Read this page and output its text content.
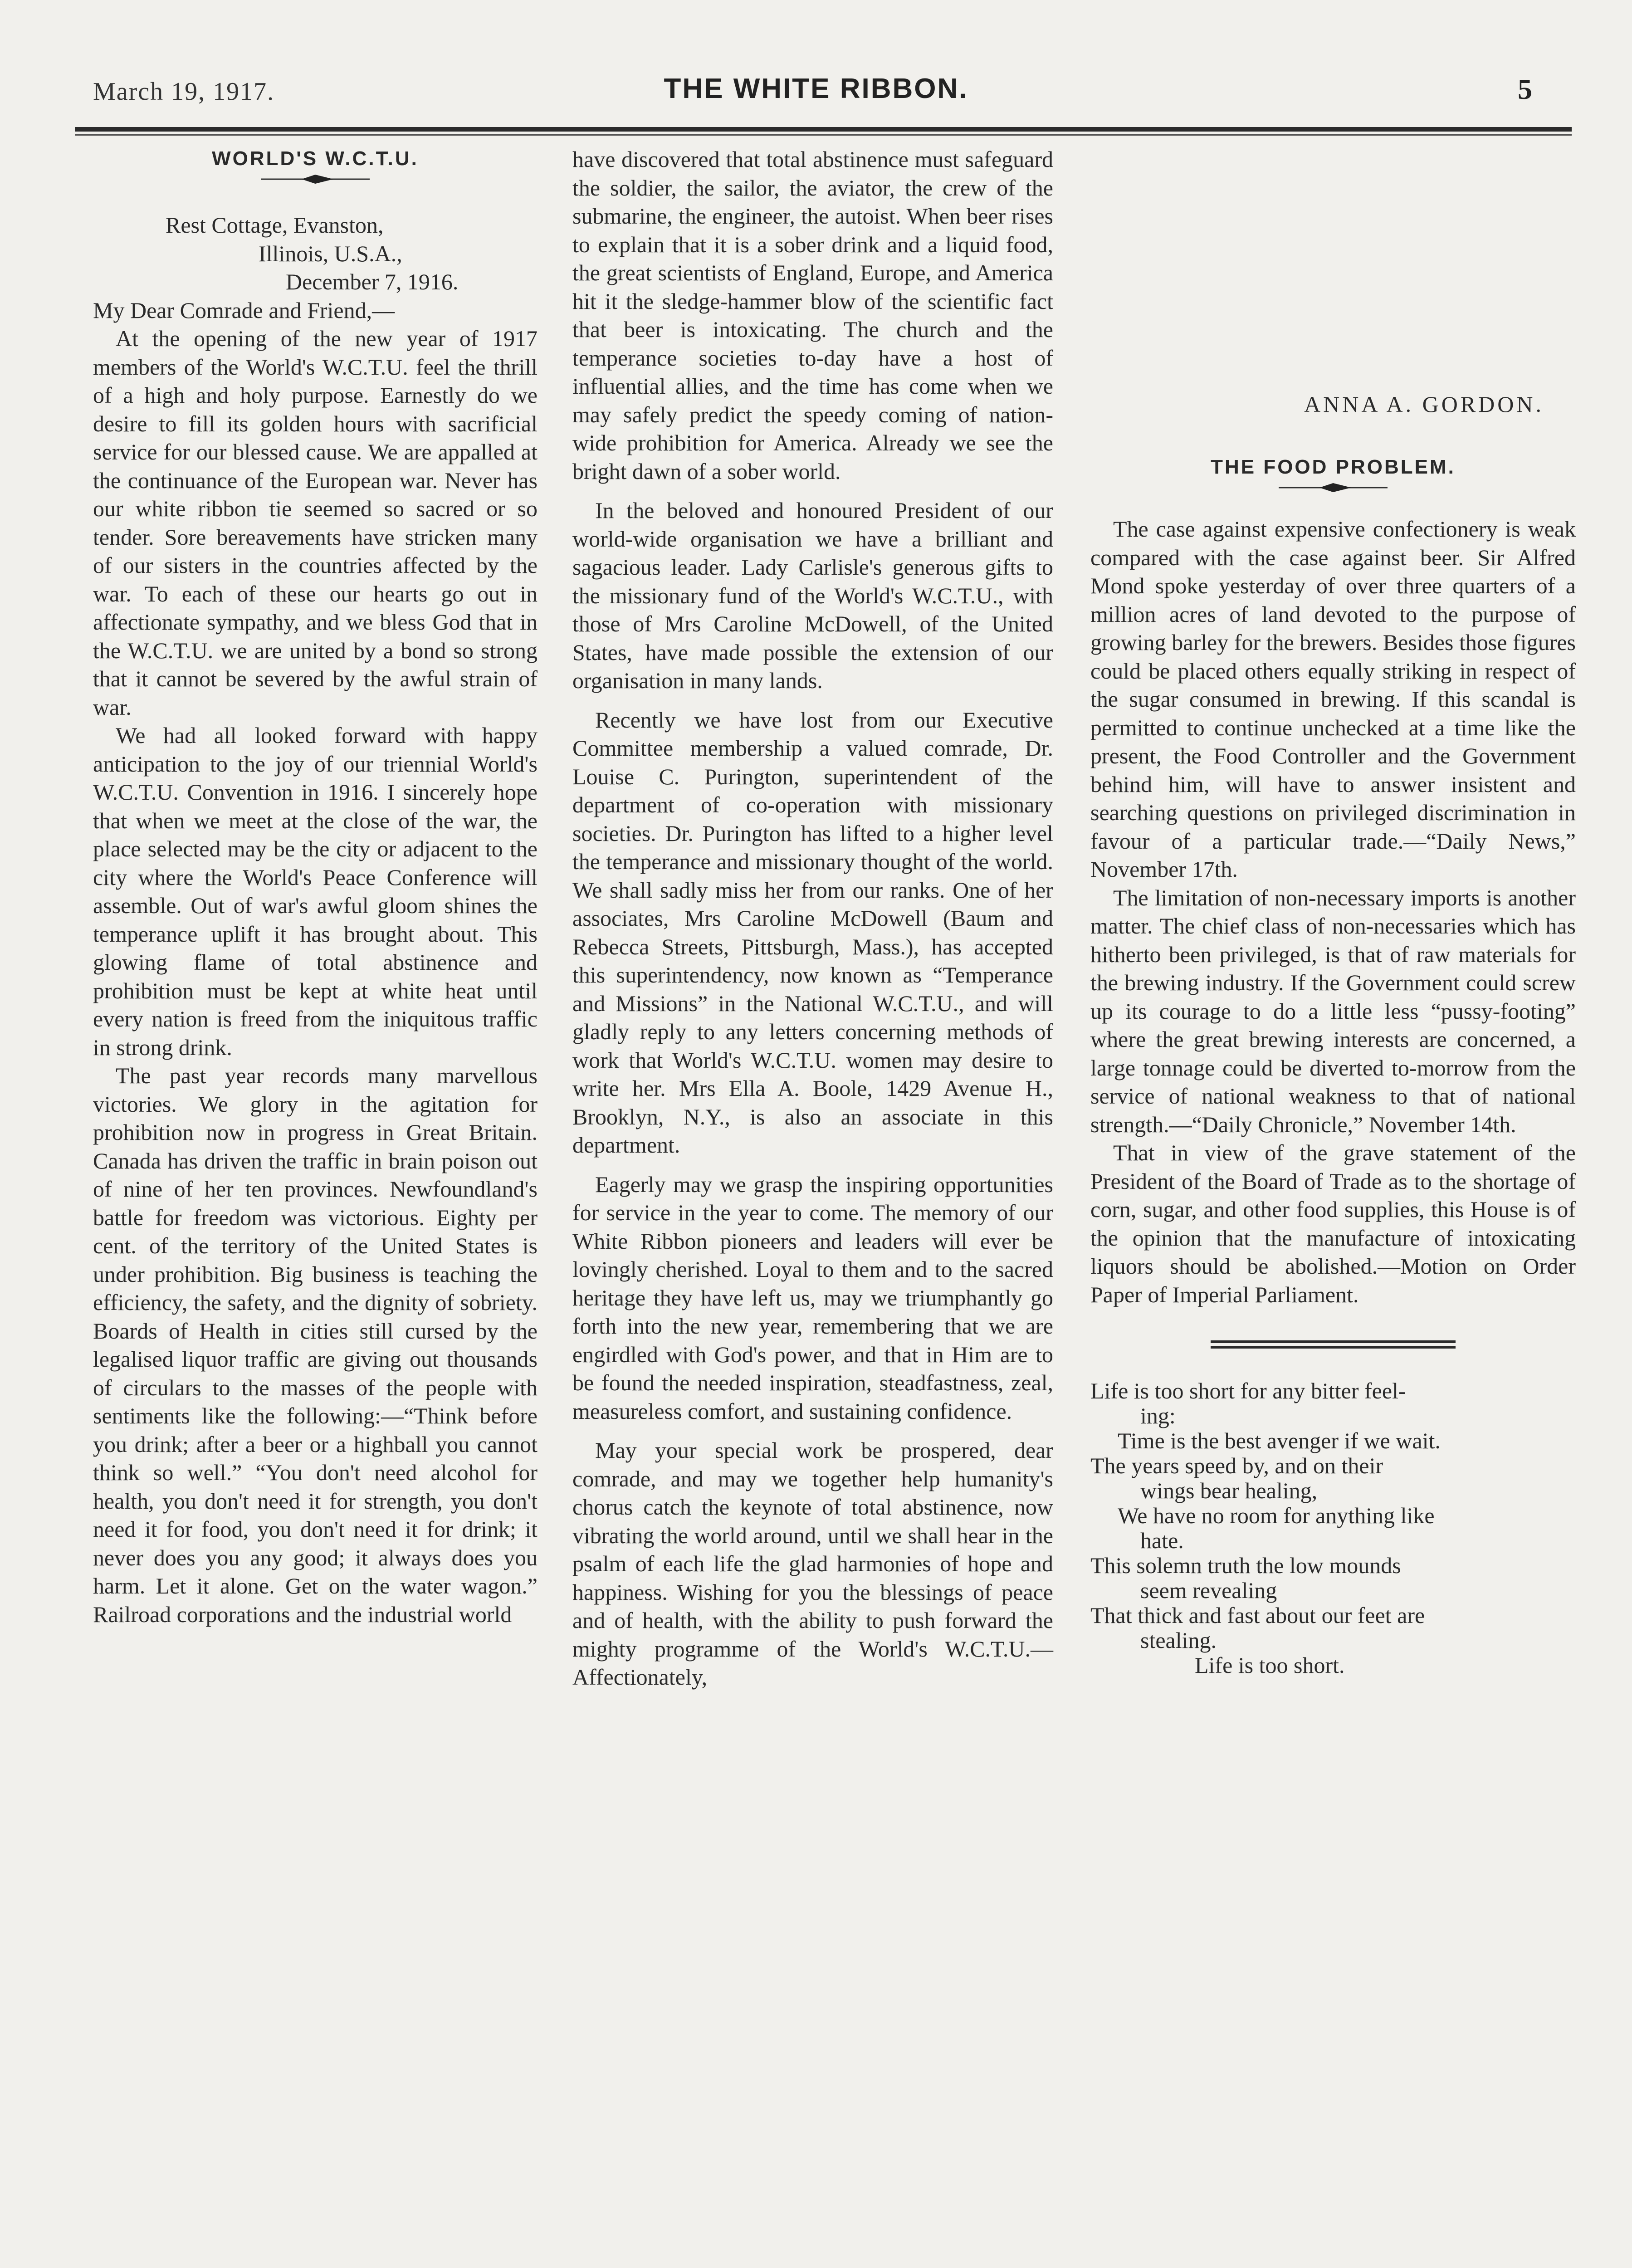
March 19, 1917.	THE WHITE RIBBON.	5
WORLD'S W.C.T.U.

Rest Cottage, Evanston,

Illinois, U.S.A.,

December 7, 1916.

My Dear Comrade and Friend,—

At the opening of the new year of 1917 members of the World's W.C.T.U. feel the thrill of a high and holy purpose. Earnestly do we desire to fill its golden hours with sacrificial service for our blessed cause. We are appalled at the continuance of the European war. Never has our white ribbon tie seemed so sacred or so tender. Sore bereavements have stricken many of our sisters in the countries affected by the war. To each of these our hearts go out in affectionate sympathy, and we bless God that in the W.C.T.U. we are united by a bond so strong that it cannot be severed by the awful strain of war.

We had all looked forward with happy anticipation to the joy of our triennial World's W.C.T.U. Convention in 1916. I sincerely hope that when we meet at the close of the war, the place selected may be the city or adjacent to the city where the World's Peace Conference will assemble. Out of war's awful gloom shines the temperance uplift it has brought about. This glowing flame of total abstinence and prohibition must be kept at white heat until every nation is freed from the iniquitous traffic in strong drink.

The past year records many marvellous victories. We glory in the agitation for prohibition now in progress in Great Britain. Canada has driven the traffic in brain poison out of nine of her ten provinces. Newfoundland's battle for freedom was victorious. Eighty per cent. of the territory of the United States is under prohibition. Big business is teaching the efficiency, the safety, and the dignity of sobriety. Boards of Health in cities still cursed by the legalised liquor traffic are giving out thousands of circulars to the masses of the people with sentiments like the following:—“Think before you drink; after a beer or a highball you cannot think so well.” “You don't need alcohol for health, you don't need it for strength, you don't need it for food, you don't need it for drink; it never does you any good; it always does you harm. Let it alone. Get on the water wagon.” Railroad corporations and the industrial world

have discovered that total abstinence must safeguard the soldier, the sailor, the aviator, the crew of the submarine, the engineer, the autoist. When beer rises to explain that it is a sober drink and a liquid food, the great scientists of England, Europe, and America hit it the sledge-hammer blow of the scientific fact that beer is intoxicating. The church and the temperance societies to-day have a host of influential allies, and the time has come when we may safely predict the speedy coming of nation-wide prohibition for America. Already we see the bright dawn of a sober world.

In the beloved and honoured President of our world-wide organisation we have a brilliant and sagacious leader. Lady Carlisle's generous gifts to the missionary fund of the World's W.C.T.U., with those of Mrs Caroline McDowell, of the United States, have made possible the extension of our organisation in many lands.

Recently we have lost from our Executive Committee membership a valued comrade, Dr. Louise C. Purington, superintendent of the department of co-operation with missionary societies. Dr. Purington has lifted to a higher level the temperance and missionary thought of the world. We shall sadly miss her from our ranks. One of her associates, Mrs Caroline McDowell (Baum and Rebecca Streets, Pittsburgh, Mass.), has accepted this superintendency, now known as “Temperance and Missions” in the National W.C.T.U., and will gladly reply to any letters concerning methods of work that World's W.C.T.U. women may desire to write her. Mrs Ella A. Boole, 1429 Avenue H., Brooklyn, N.Y., is also an associate in this department.

Eagerly may we grasp the inspiring opportunities for service in the year to come. The memory of our White Ribbon pioneers and leaders will ever be lovingly cherished. Loyal to them and to the sacred heritage they have left us, may we triumphantly go forth into the new year, remembering that we are engirdled with God's power, and that in Him are to be found the needed inspiration, steadfastness, zeal, measureless comfort, and sustaining confidence.

May your special work be prospered, dear comrade, and may we together help humanity's chorus catch the keynote of total abstinence, now vibrating the world around, until we shall hear in the psalm of each life the glad harmonies of hope and happiness. Wishing for you the blessings of peace and of health, with the ability to push forward the mighty programme of the World's W.C.T.U.—Affectionately,

THE FOOD PROBLEM.

The case against expensive confectionery is weak compared with the case against beer. Sir Alfred Mond spoke yesterday of over three quarters of a million acres of land devoted to the purpose of growing barley for the brewers. Besides those figures could be placed others equally striking in respect of the sugar consumed in brewing. If this scandal is permitted to continue unchecked at a time like the present, the Food Controller and the Government behind him, will have to answer insistent and searching questions on privileged discrimination in favour of a particular trade.—“Daily News,” November 17th.

The limitation of non-necessary imports is another matter. The chief class of non-necessaries which has hitherto been privileged, is that of raw materials for the brewing industry. If the Government could screw up its courage to do a little less “pussy-footing” where the great brewing interests are concerned, a large tonnage could be diverted to-morrow from the service of national weakness to that of national strength.—“Daily Chronicle,” November 14th.

That in view of the grave statement of the President of the Board of Trade as to the shortage of corn, sugar, and other food supplies, this House is of the opinion that the manufacture of intoxicating liquors should be abolished.—Motion on Order Paper of Imperial Parliament.

Life is too short for any bitter feel-

ing:

Time is the best avenger if we wait.

The years speed by, and on their

wings bear healing,

We have no room for anything like

hate.

This solemn truth the low mounds

seem revealing

That thick and fast about our feet are

stealing.

Life is too short.

ANNA A. GORDON.
